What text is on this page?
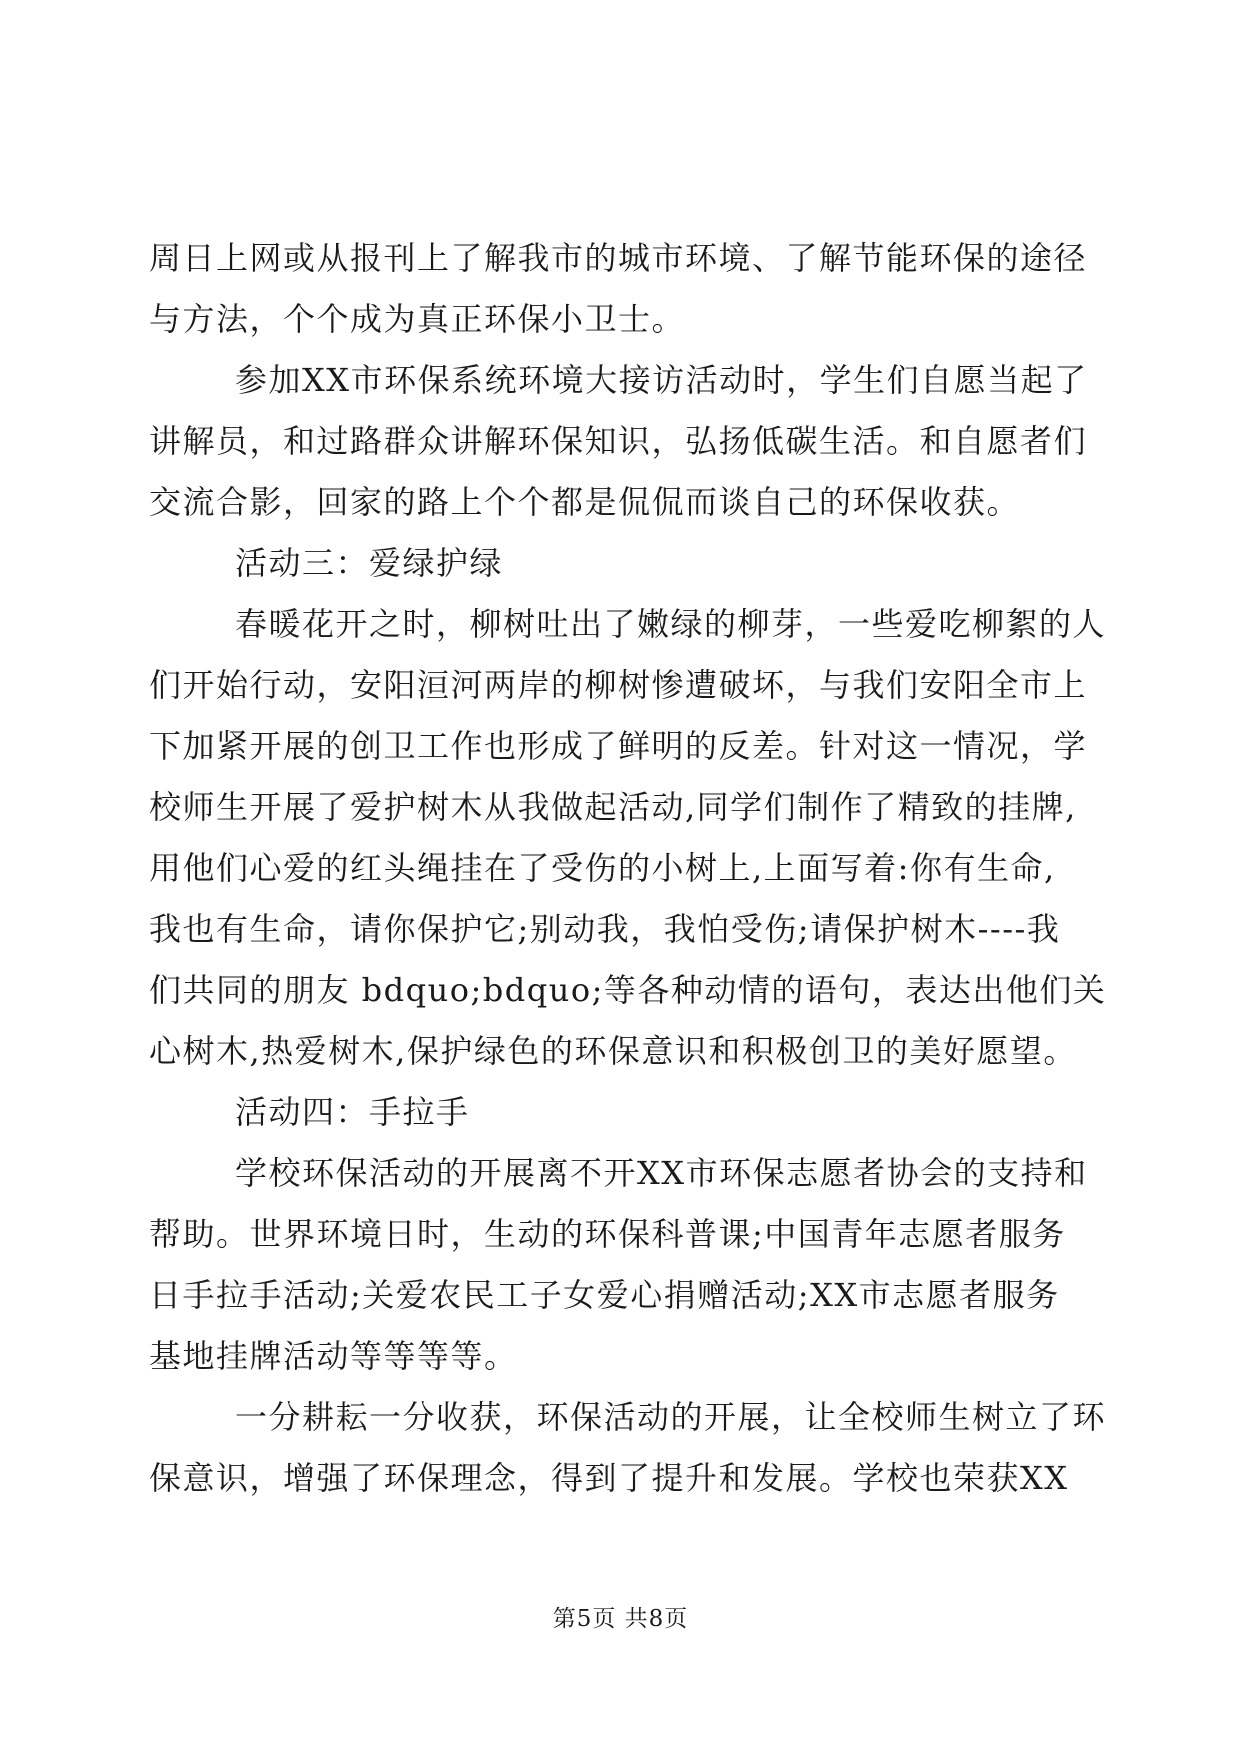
周日上网或从报刊上了解我市的城市环境、了解节能环保的途径
与方法，个个成为真正环保小卫士。
参加XX市环保系统环境大接访活动时，学生们自愿当起了
讲解员，和过路群众讲解环保知识，弘扬低碳生活。和自愿者们
交流合影，回家的路上个个都是侃侃而谈自己的环保收获。
活动三：爱绿护绿
春暖花开之时，柳树吐出了嫩绿的柳芽，一些爱吃柳絮的人
们开始行动，安阳洹河两岸的柳树惨遭破坏，与我们安阳全市上
下加紧开展的创卫工作也形成了鲜明的反差。针对这一情况，学
校师生开展了爱护树木从我做起活动,同学们制作了精致的挂牌,
用他们心爱的红头绳挂在了受伤的小树上,上面写着:你有生命,
我也有生命，请你保护它;别动我，我怕受伤;请保护树木----我
们共同的朋友 bdquo;bdquo;等各种动情的语句，表达出他们关
心树木,热爱树木,保护绿色的环保意识和积极创卫的美好愿望。
活动四：手拉手
学校环保活动的开展离不开XX市环保志愿者协会的支持和
帮助。世界环境日时，生动的环保科普课;中国青年志愿者服务
日手拉手活动;关爱农民工子女爱心捐赠活动;XX市志愿者服务
基地挂牌活动等等等等。
一分耕耘一分收获，环保活动的开展，让全校师生树立了环
保意识，增强了环保理念，得到了提升和发展。学校也荣获XX
第5页 共8页
